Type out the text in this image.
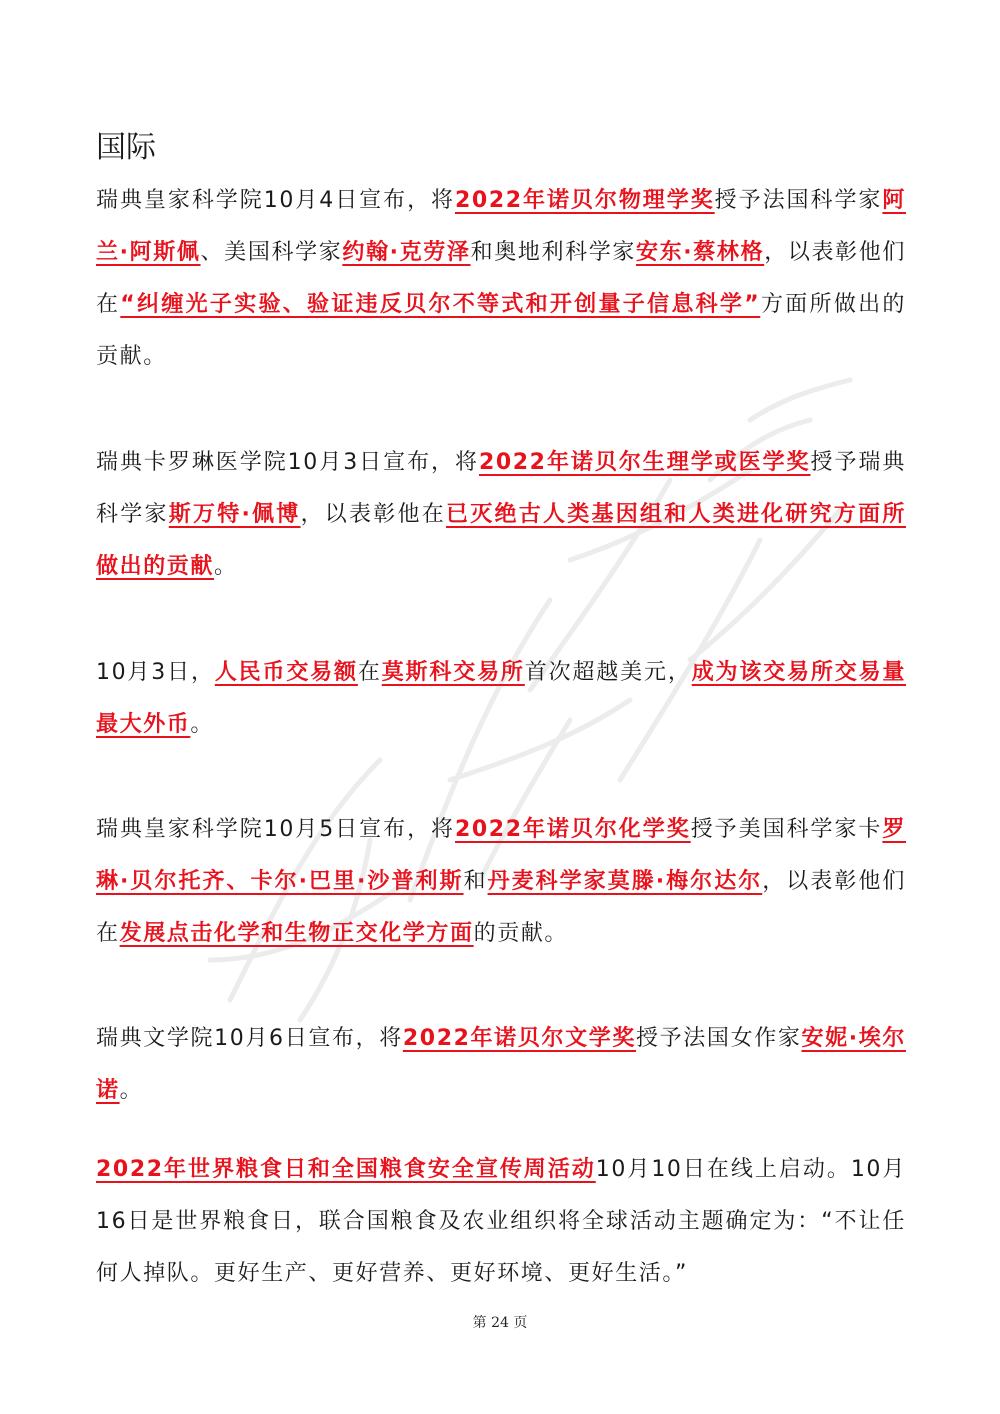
国际

瑞典皇家科学院10月4日宣布，将2022年诺贝尔物理学奖授予法国科学家阿兰·阿斯佩、美国科学家约翰·克劳泽和奥地利科学家安东·蔡林格，以表彰他们在“纠缠光子实验、验证违反贝尔不等式和开创量子信息科学”方面所做出的贡献。

瑞典卡罗琳医学院10月3日宣布，将2022年诺贝尔生理学或医学奖授予瑞典科学家斯万特·佩博，以表彰他在已灭绝古人类基因组和人类进化研究方面所做出的贡献。

10月3日，人民币交易额在莫斯科交易所首次超越美元，成为该交易所交易量最大外币。

瑞典皇家科学院10月5日宣布，将2022年诺贝尔化学奖授予美国科学家卡罗琳·贝尔托齐、卡尔·巴里·沙普利斯和丹麦科学家莫滕·梅尔达尔，以表彰他们在发展点击化学和生物正交化学方面的贡献。

瑞典文学院10月6日宣布，将2022年诺贝尔文学奖授予法国女作家安妮·埃尔诺。

2022年世界粮食日和全国粮食安全宣传周活动10月10日在线上启动。10月16日是世界粮食日，联合国粮食及农业组织将全球活动主题确定为：“不让任何人掉队。更好生产、更好营养、更好环境、更好生活。”

第 24 页
